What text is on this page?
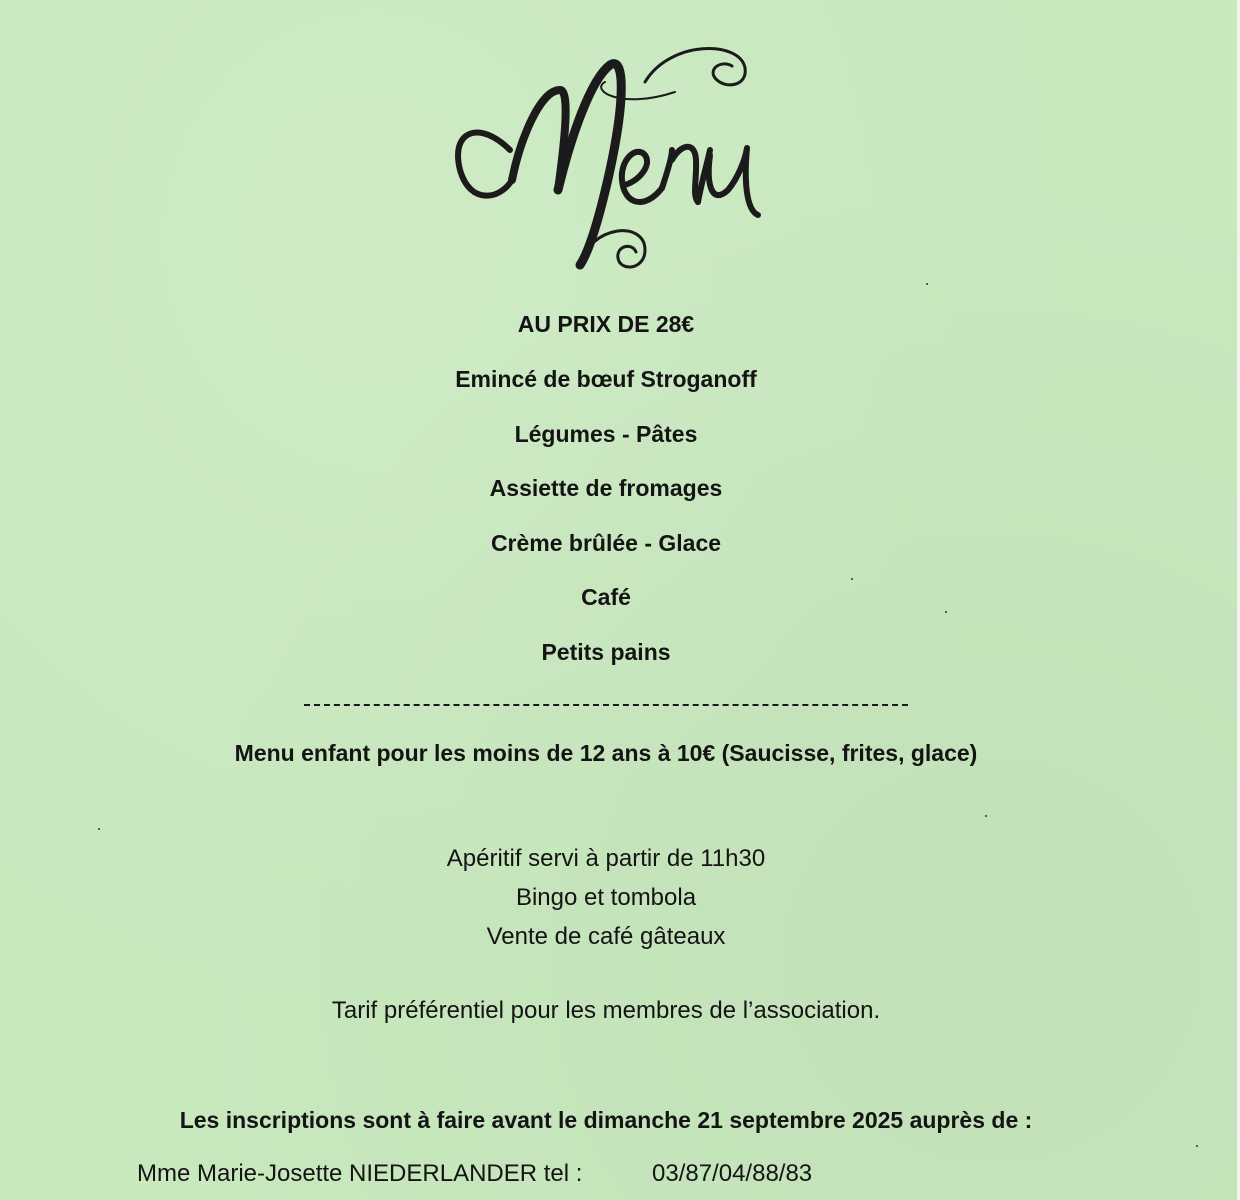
AU PRIX DE 28€
Emincé de bœuf Stroganoff
Légumes - Pâtes
Assiette de fromages
Crème brûlée - Glace
Café
Petits pains
Menu enfant pour les moins de 12 ans à 10€ (Saucisse, frites, glace)
Apéritif servi à partir de 11h30
Bingo et tombola
Vente de café gâteaux
Tarif préférentiel pour les membres de l’association.
Les inscriptions sont à faire avant le dimanche 21 septembre 2025 auprès de :
Mme Marie-Josette NIEDERLANDER tel :	03/87/04/88/83
